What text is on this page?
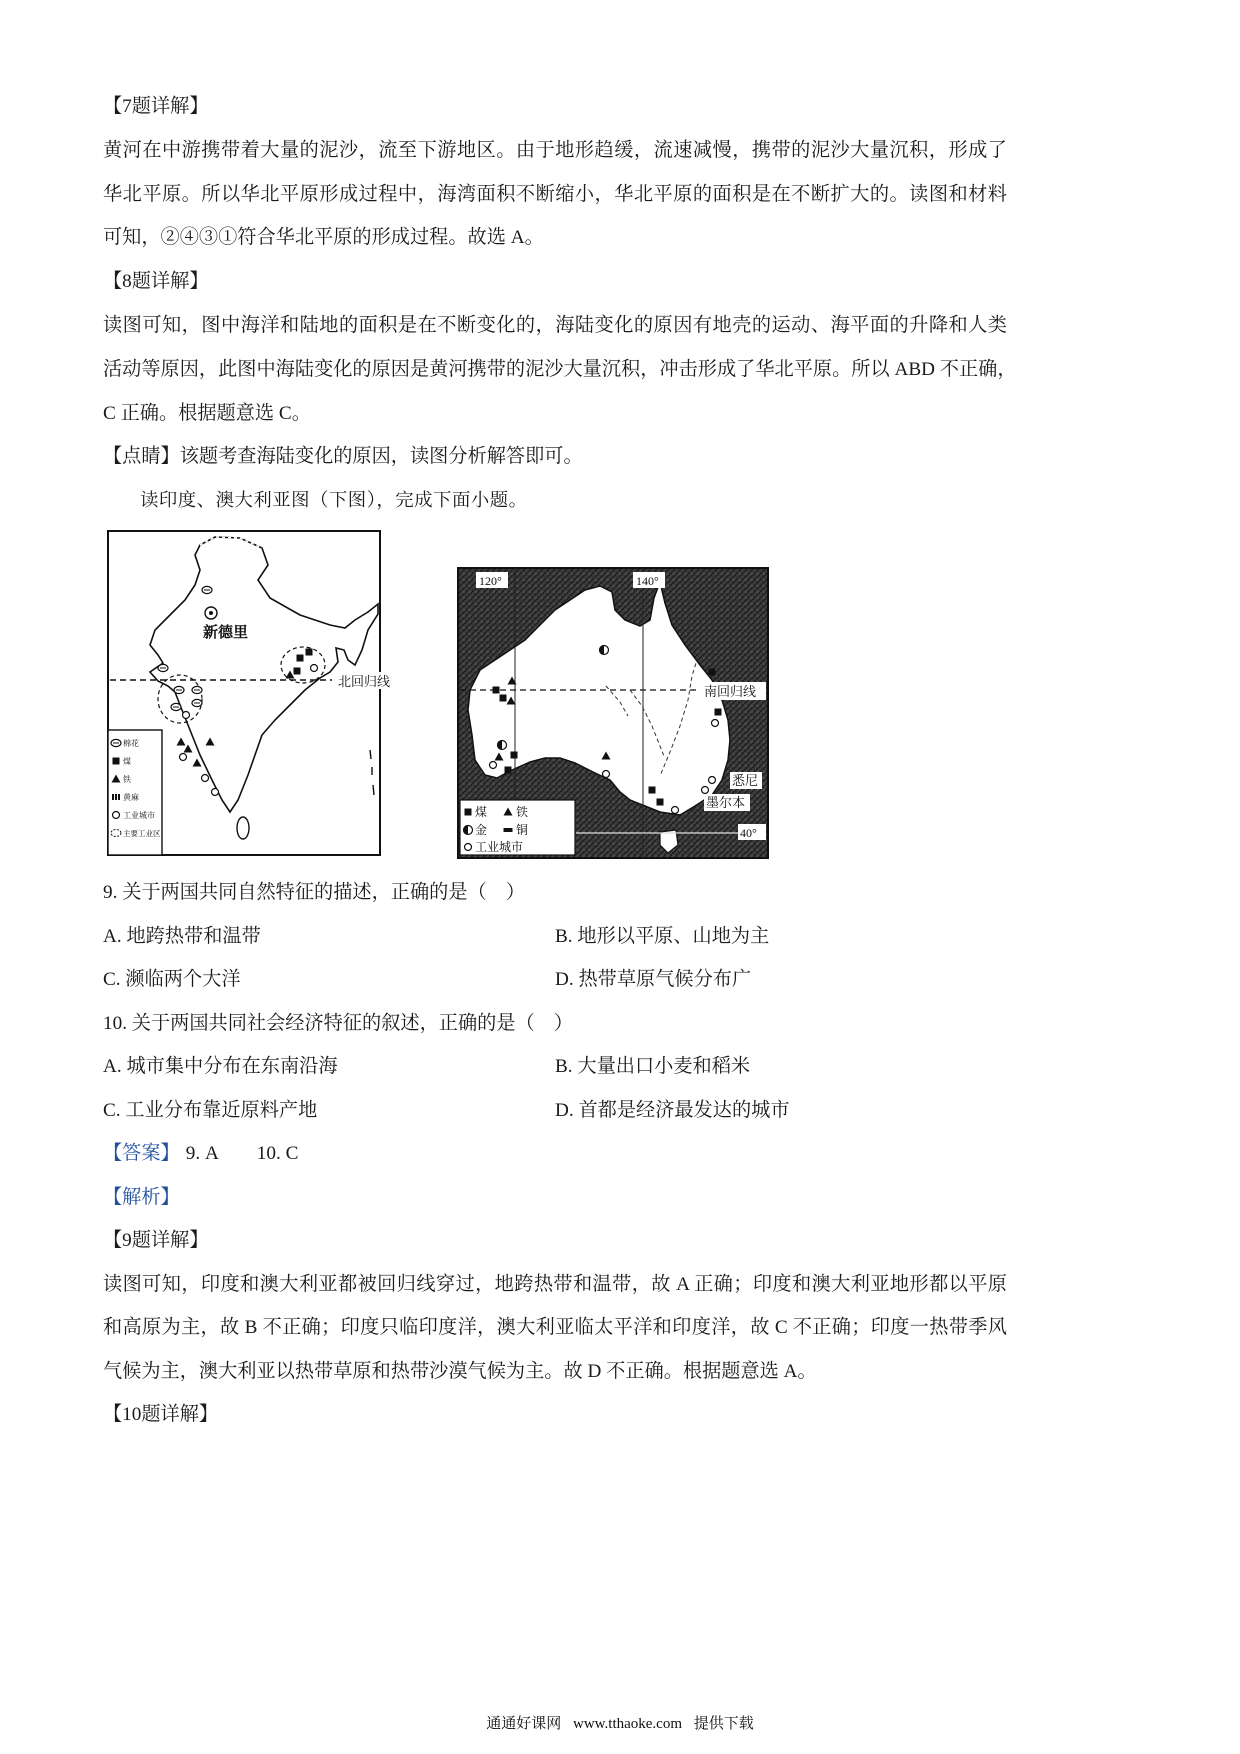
【7题详解】
黄河在中游携带着大量的泥沙，流至下游地区。由于地形趋缓，流速减慢，携带的泥沙大量沉积，形成了
华北平原。所以华北平原形成过程中，海湾面积不断缩小，华北平原的面积是在不断扩大的。读图和材料
可知，②④③①符合华北平原的形成过程。故选 A。
【8题详解】
读图可知，图中海洋和陆地的面积是在不断变化的，海陆变化的原因有地壳的运动、海平面的升降和人类
活动等原因，此图中海陆变化的原因是黄河携带的泥沙大量沉积，冲击形成了华北平原。所以 ABD 不正确，
C 正确。根据题意选 C。
【点睛】该题考查海陆变化的原因，读图分析解答即可。
读印度、澳大利亚图（下图），完成下面小题。
北回归线
新德里
棉花
煤
铁
黄麻
工业城市
主要工业区
120°	140°
南回归线
悉尼
墨尔本
40°
煤 铁
金 铜
工业城市
9. 关于两国共同自然特征的描述，正确的是（    ）
A. 地跨热带和温带	B. 地形以平原、山地为主
C. 濒临两个大洋	D. 热带草原气候分布广
10. 关于两国共同社会经济特征的叙述，正确的是（    ）
A. 城市集中分布在东南沿海	B. 大量出口小麦和稻米
C. 工业分布靠近原料产地	D. 首都是经济最发达的城市
【答案】 9. A 10. C
【解析】
【9题详解】
读图可知，印度和澳大利亚都被回归线穿过，地跨热带和温带，故 A 正确；印度和澳大利亚地形都以平原
和高原为主，故 B 不正确；印度只临印度洋，澳大利亚临太平洋和印度洋，故 C 不正确；印度一热带季风
气候为主，澳大利亚以热带草原和热带沙漠气候为主。故 D 不正确。根据题意选 A。
【10题详解】
通通好课网 www.tthaoke.com 提供下载
